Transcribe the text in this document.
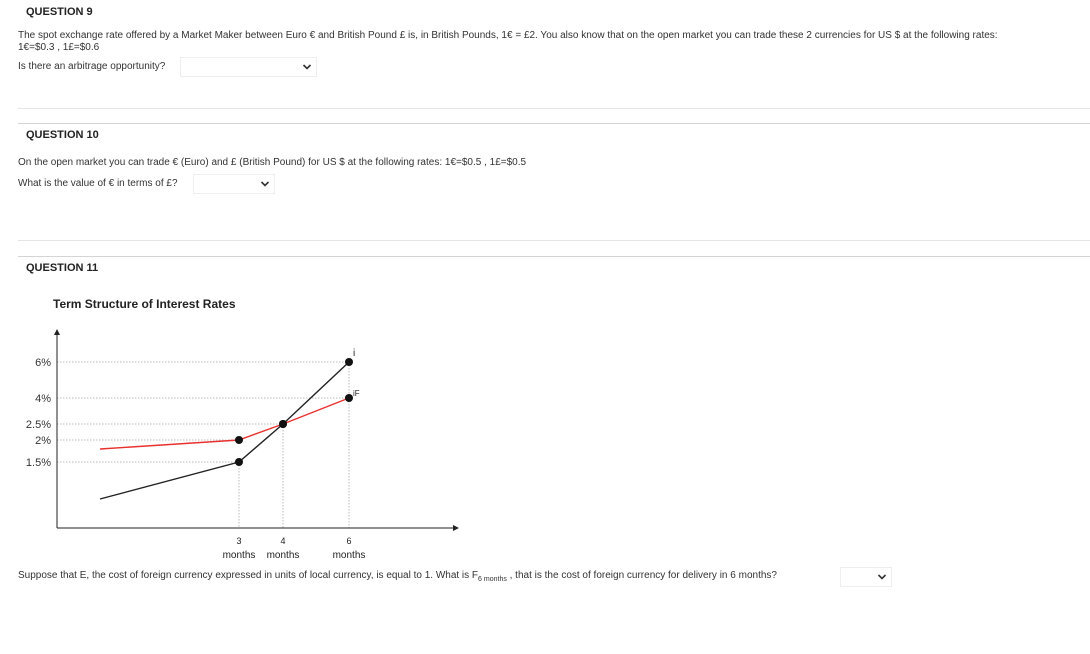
QUESTION 9
The spot exchange rate offered by a Market Maker between Euro € and British Pound £ is, in British Pounds, 1€ = £2. You also know that on the open market you can trade these 2 currencies for US $ at the following rates:
1€=$0.3 , 1£=$0.6
Is there an arbitrage opportunity?
QUESTION 10
On the open market you can trade € (Euro) and £ (British Pound) for US $ at the following rates: 1€=$0.5 , 1£=$0.5
What is the value of € in terms of £?
QUESTION 11
Term Structure of Interest Rates
6%
4%
2.5%
2%
1.5%
i
iF
3
months
4
months
6
months
Suppose that E, the cost of foreign currency expressed in units of local currency, is equal to 1. What is $F_{6 months}$ , that is the cost of foreign currency for delivery in 6 months?
